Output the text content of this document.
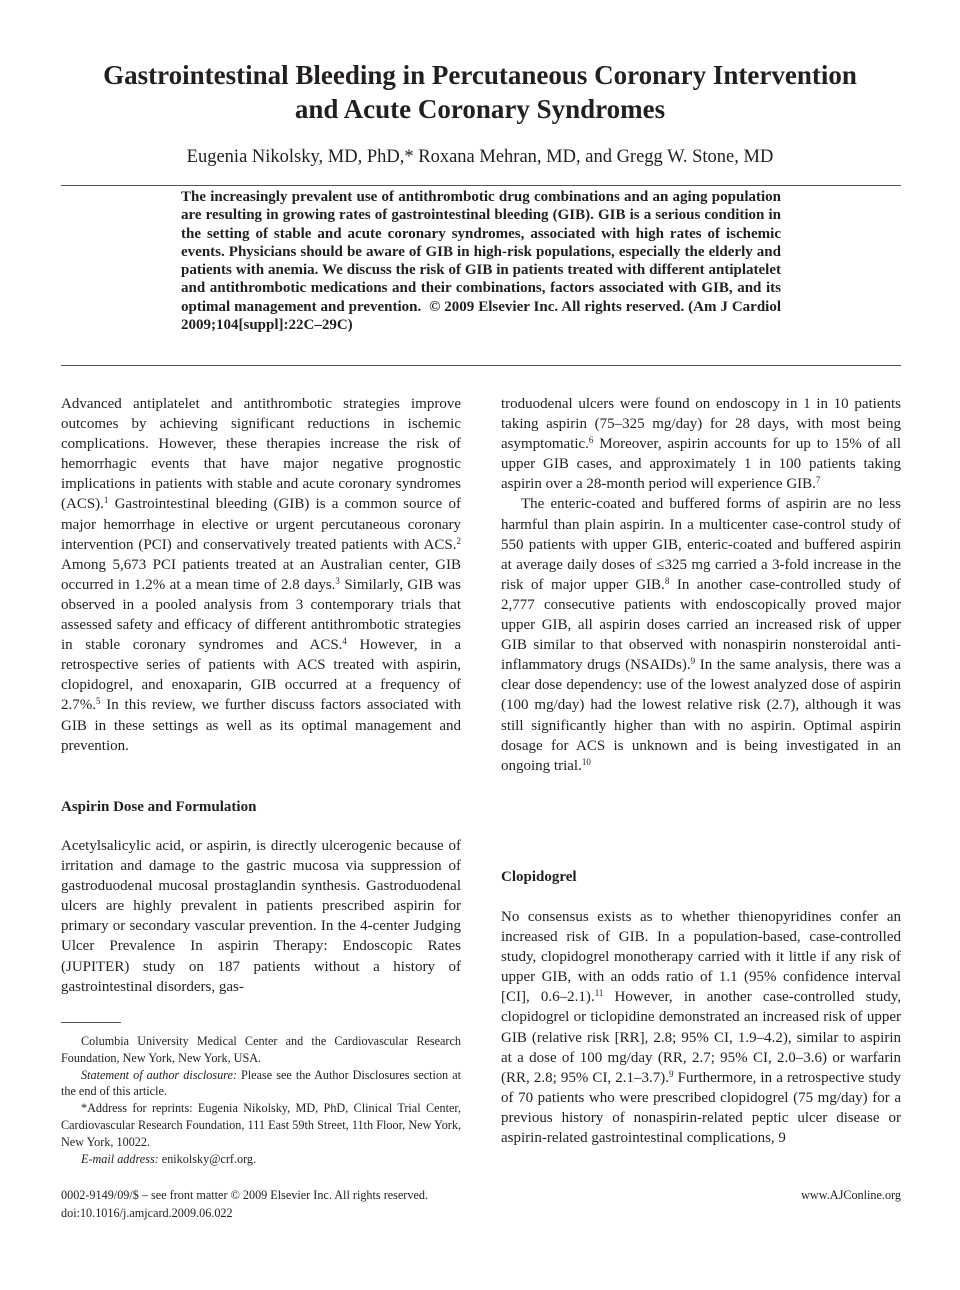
Gastrointestinal Bleeding in Percutaneous Coronary Intervention
and Acute Coronary Syndromes
Eugenia Nikolsky, MD, PhD,* Roxana Mehran, MD, and Gregg W. Stone, MD
The increasingly prevalent use of antithrombotic drug combinations and an aging population are resulting in growing rates of gastrointestinal bleeding (GIB). GIB is a serious condition in the setting of stable and acute coronary syndromes, associated with high rates of ischemic events. Physicians should be aware of GIB in high-risk populations, especially the elderly and patients with anemia. We discuss the risk of GIB in patients treated with different antiplatelet and antithrombotic medications and their combinations, factors associated with GIB, and its optimal management and prevention. © 2009 Elsevier Inc. All rights reserved. (Am J Cardiol 2009;104[suppl]:22C–29C)

Advanced antiplatelet and antithrombotic strategies improve outcomes by achieving significant reductions in ischemic complications. However, these therapies increase the risk of hemorrhagic events that have major negative prognostic implications in patients with stable and acute coronary syndromes (ACS).$^1$ Gastrointestinal bleeding (GIB) is a common source of major hemorrhage in elective or urgent percutaneous coronary intervention (PCI) and conservatively treated patients with ACS.$^2$ Among 5,673 PCI patients treated at an Australian center, GIB occurred in 1.2% at a mean time of 2.8 days.$^3$ Similarly, GIB was observed in a pooled analysis from 3 contemporary trials that assessed safety and efficacy of different antithrombotic strategies in stable coronary syndromes and ACS.$^4$ However, in a retrospective series of patients with ACS treated with aspirin, clopidogrel, and enoxaparin, GIB occurred at a frequency of 2.7%.$^5$ In this review, we further discuss factors associated with GIB in these settings as well as its optimal management and prevention.

Aspirin Dose and Formulation

Acetylsalicylic acid, or aspirin, is directly ulcerogenic because of irritation and damage to the gastric mucosa via suppression of gastroduodenal mucosal prostaglandin synthesis. Gastroduodenal ulcers are highly prevalent in patients prescribed aspirin for primary or secondary vascular prevention. In the 4-center Judging Ulcer Prevalence In aspirin Therapy: Endoscopic Rates (JUPITER) study on 187 patients without a history of gastrointestinal disorders, gas-

troduodenal ulcers were found on endoscopy in 1 in 10 patients taking aspirin (75–325 mg/day) for 28 days, with most being asymptomatic.$^6$ Moreover, aspirin accounts for up to 15% of all upper GIB cases, and approximately 1 in 100 patients taking aspirin over a 28-month period will experience GIB.$^7$

The enteric-coated and buffered forms of aspirin are no less harmful than plain aspirin. In a multicenter case-control study of 550 patients with upper GIB, enteric-coated and buffered aspirin at average daily doses of ≤325 mg carried a 3-fold increase in the risk of major upper GIB.$^8$ In another case-controlled study of 2,777 consecutive patients with endoscopically proved major upper GIB, all aspirin doses carried an increased risk of upper GIB similar to that observed with nonaspirin nonsteroidal anti-inflammatory drugs (NSAIDs).$^9$ In the same analysis, there was a clear dose dependency: use of the lowest analyzed dose of aspirin (100 mg/day) had the lowest relative risk (2.7), although it was still significantly higher than with no aspirin. Optimal aspirin dosage for ACS is unknown and is being investigated in an ongoing trial.$^{10}$

Clopidogrel

No consensus exists as to whether thienopyridines confer an increased risk of GIB. In a population-based, case-controlled study, clopidogrel monotherapy carried with it little if any risk of upper GIB, with an odds ratio of 1.1 (95% confidence interval [CI], 0.6–2.1).$^{11}$ However, in another case-controlled study, clopidogrel or ticlopidine demonstrated an increased risk of upper GIB (relative risk [RR], 2.8; 95% CI, 1.9–4.2), similar to aspirin at a dose of 100 mg/day (RR, 2.7; 95% CI, 2.0–3.6) or warfarin (RR, 2.8; 95% CI, 2.1–3.7).$^9$ Furthermore, in a retrospective study of 70 patients who were prescribed clopidogrel (75 mg/day) for a previous history of nonaspirin-related peptic ulcer disease or aspirin-related gastrointestinal complications, 9

Columbia University Medical Center and the Cardiovascular Research Foundation, New York, New York, USA.

Statement of author disclosure: Please see the Author Disclosures section at the end of this article.

*Address for reprints: Eugenia Nikolsky, MD, PhD, Clinical Trial Center, Cardiovascular Research Foundation, 111 East 59th Street, 11th Floor, New York, New York, 10022.

E-mail address: enikolsky@crf.org.

0002-9149/09/$ – see front matter © 2009 Elsevier Inc. All rights reserved.
doi:10.1016/j.amjcard.2009.06.022
www.AJConline.org
